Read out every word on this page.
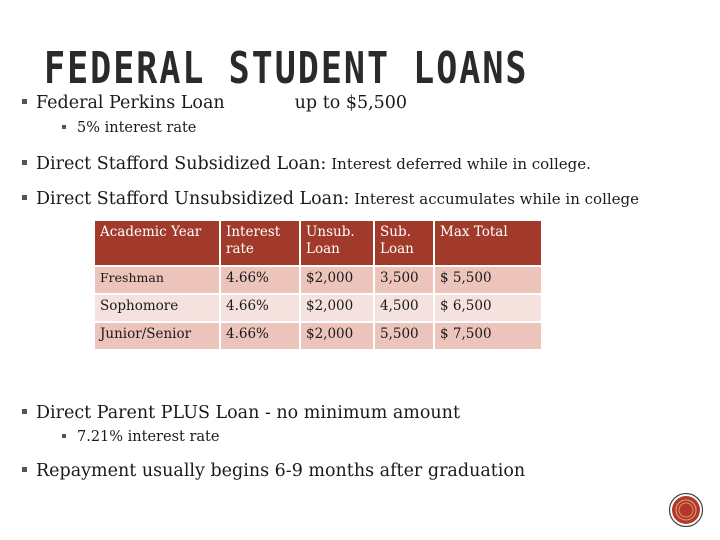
FEDERAL STUDENT LOANS
Federal Perkins Loan	up to $5,500
5% interest rate
Direct Stafford Subsidized Loan: Interest deferred while in college.
Direct Stafford Unsubsidized Loan: Interest accumulates while in college
Academic Year	Interest rate	Unsub. Loan	Sub. Loan	Max Total
Freshman	4.66%	$2,000	3,500	$ 5,500
Sophomore	4.66%	$2,000	4,500	$ 6,500
Junior/Senior	4.66%	$2,000	5,500	$ 7,500
Direct Parent PLUS Loan - no minimum amount
7.21% interest rate
Repayment usually begins 6-9 months after graduation
